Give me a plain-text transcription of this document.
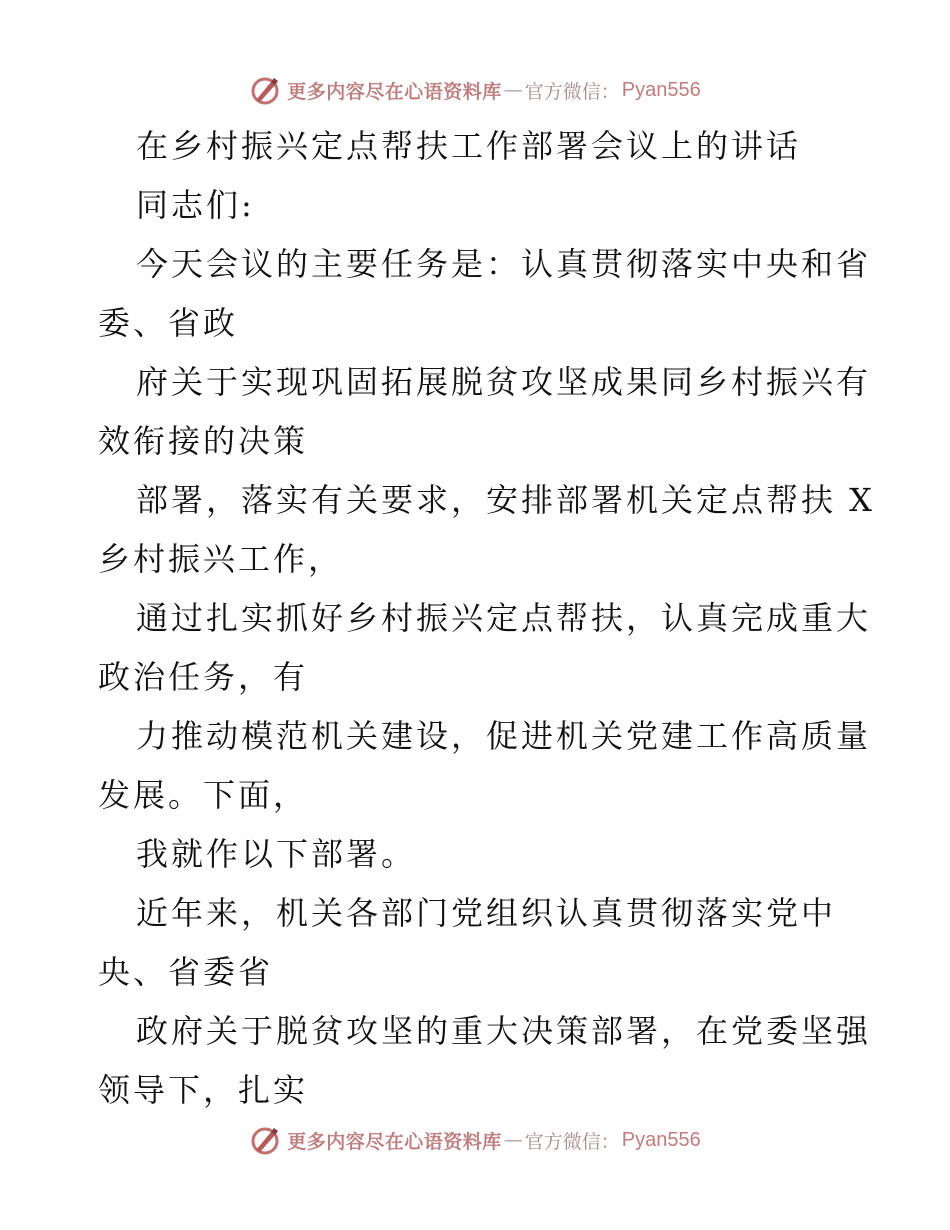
更多内容尽在心语资料库 — 官方微信： Pyan556
在乡村振兴定点帮扶工作部署会议上的讲话
同志们:
今天会议的主要任务是：认真贯彻落实中央和省
委、省政
府关于实现巩固拓展脱贫攻坚成果同乡村振兴有
效衔接的决策
部署，落实有关要求，安排部署机关定点帮扶 X
乡村振兴工作，
通过扎实抓好乡村振兴定点帮扶，认真完成重大
政治任务，有
力推动模范机关建设，促进机关党建工作高质量
发展。下面，
我就作以下部署。
近年来，机关各部门党组织认真贯彻落实党中
央、省委省
政府关于脱贫攻坚的重大决策部署，在党委坚强
领导下，扎实
更多内容尽在心语资料库 — 官方微信： Pyan556
